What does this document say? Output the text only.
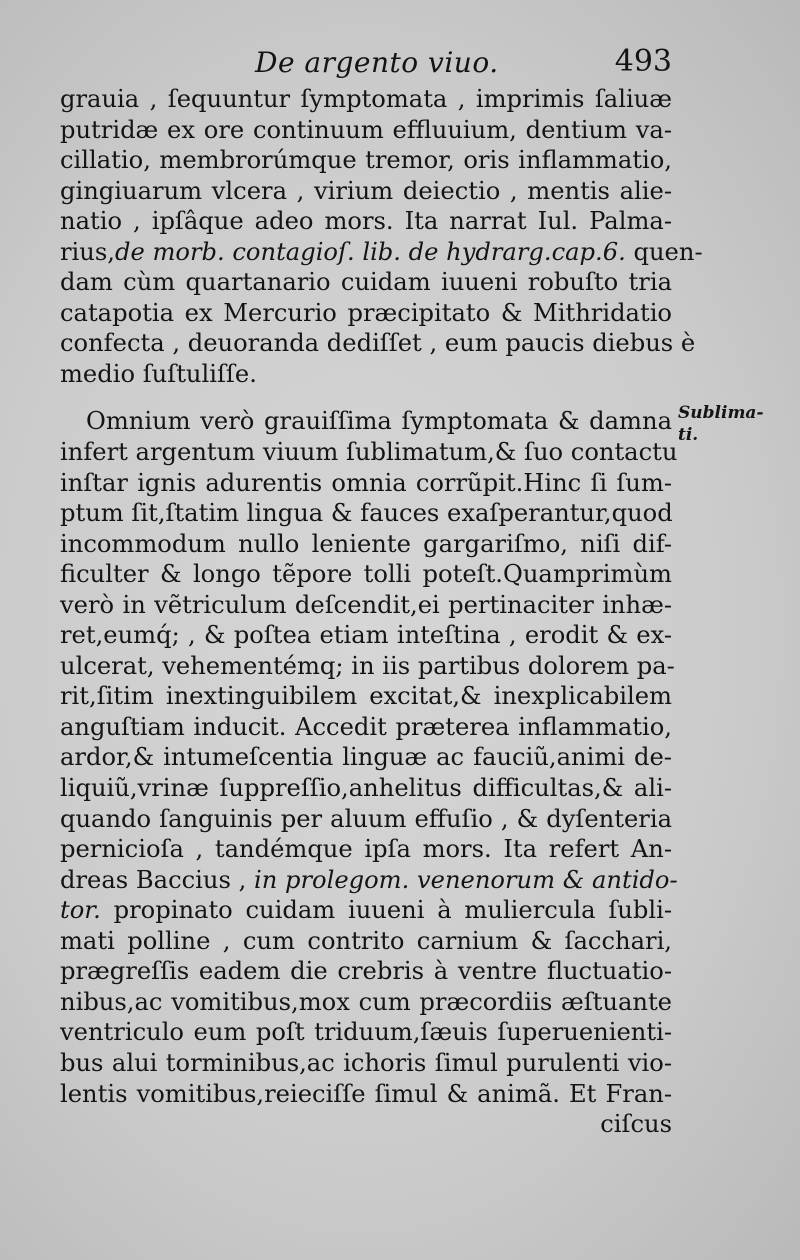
De argento viuo.	493
Sublima-
ti.
grauia , ſequuntur ſymptomata , imprimis ſaliuæ
putridæ ex ore continuum effluuium, dentium va-
cillatio, membrorúmque tremor, oris inflammatio,
gingiuarum vlcera , virium deiectio , mentis alie-
natio , ipſâque adeo mors. Ita narrat Iul. Palma-
rius,de morb. contagioſ. lib. de hydrarg.cap.6. quen-
dam cùm quartanario cuidam iuueni robuſto tria
catapotia ex Mercurio præcipitato & Mithridatio
confecta , deuoranda dediſſet , eum paucis diebus è
medio ſuſtuliſſe.
Omnium verò grauiſſima ſymptomata & damna
infert argentum viuum ſublimatum,& ſuo contactu
inſtar ignis adurentis omnia corrũpit.Hinc ſi ſum-
ptum ſit,ſtatim lingua & fauces exaſperantur,quod
incommodum nullo leniente gargariſmo, niſi dif-
ficulter & longo tẽpore tolli poteſt.Quamprimùm
verò in vẽtriculum deſcendit,ei pertinaciter inhæ-
ret,eumq́; , & poſtea etiam inteſtina , erodit & ex-
ulcerat, vehementémq; in iis partibus dolorem pa-
rit,ſitim inextinguibilem excitat,& inexplicabilem
anguſtiam inducit. Accedit præterea inflammatio,
ardor,& intumeſcentia linguæ ac fauciũ,animi de-
liquiũ,vrinæ ſuppreſſio,anhelitus difficultas,& ali-
quando ſanguinis per aluum effuſio , & dyſenteria
pernicioſa , tandémque ipſa mors. Ita refert An-
dreas Baccius , in prolegom. venenorum & antido-
tor. propinato cuidam iuueni à muliercula ſubli-
mati polline , cum contrito carnium & ſacchari,
prægreſſis eadem die crebris à ventre fluctuatio-
nibus,ac vomitibus,mox cum præcordiis æſtuante
ventriculo eum poſt triduum,ſæuis ſuperuenienti-
bus alui torminibus,ac ichoris ſimul purulenti vio-
lentis vomitibus,reieciſſe ſimul & animã. Et Fran-
ciſcus
